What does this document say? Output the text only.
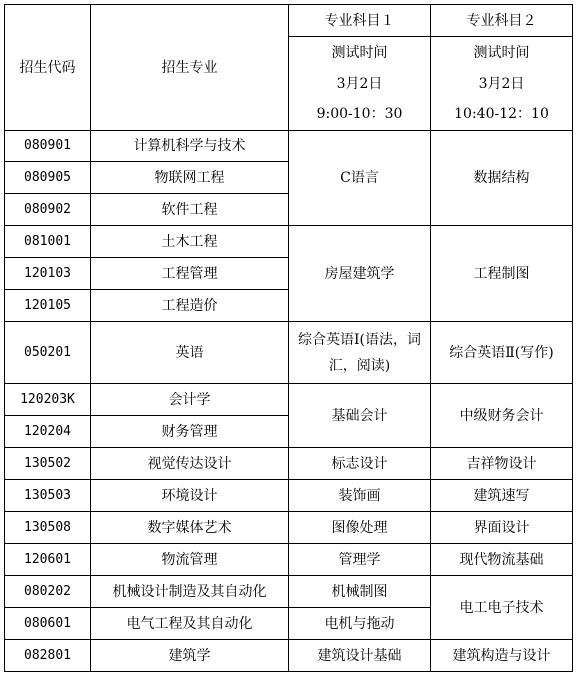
招生代码	招生专业	专业科目１	专业科目２
		测试时间	测试时间
		3月2日	3月2日
		9:00-10：30	10:40-12：10
080901	计算机科学与技术	C语言	数据结构
080905	物联网工程		
080902	软件工程		
081001	土木工程	房屋建筑学	工程制图
120103	工程管理		
120105	工程造价		
050201	英语	综合英语Ⅰ(语法，词汇，阅读)	综合英语Ⅱ(写作)
120203K	会计学	基础会计	中级财务会计
120204	财务管理		
130502	视觉传达设计	标志设计	吉祥物设计
130503	环境设计	装饰画	建筑速写
130508	数字媒体艺术	图像处理	界面设计
120601	物流管理	管理学	现代物流基础
080202	机械设计制造及其自动化	机械制图	电工电子技术
080601	电气工程及其自动化	电机与拖动	
082801	建筑学	建筑设计基础	建筑构造与设计
